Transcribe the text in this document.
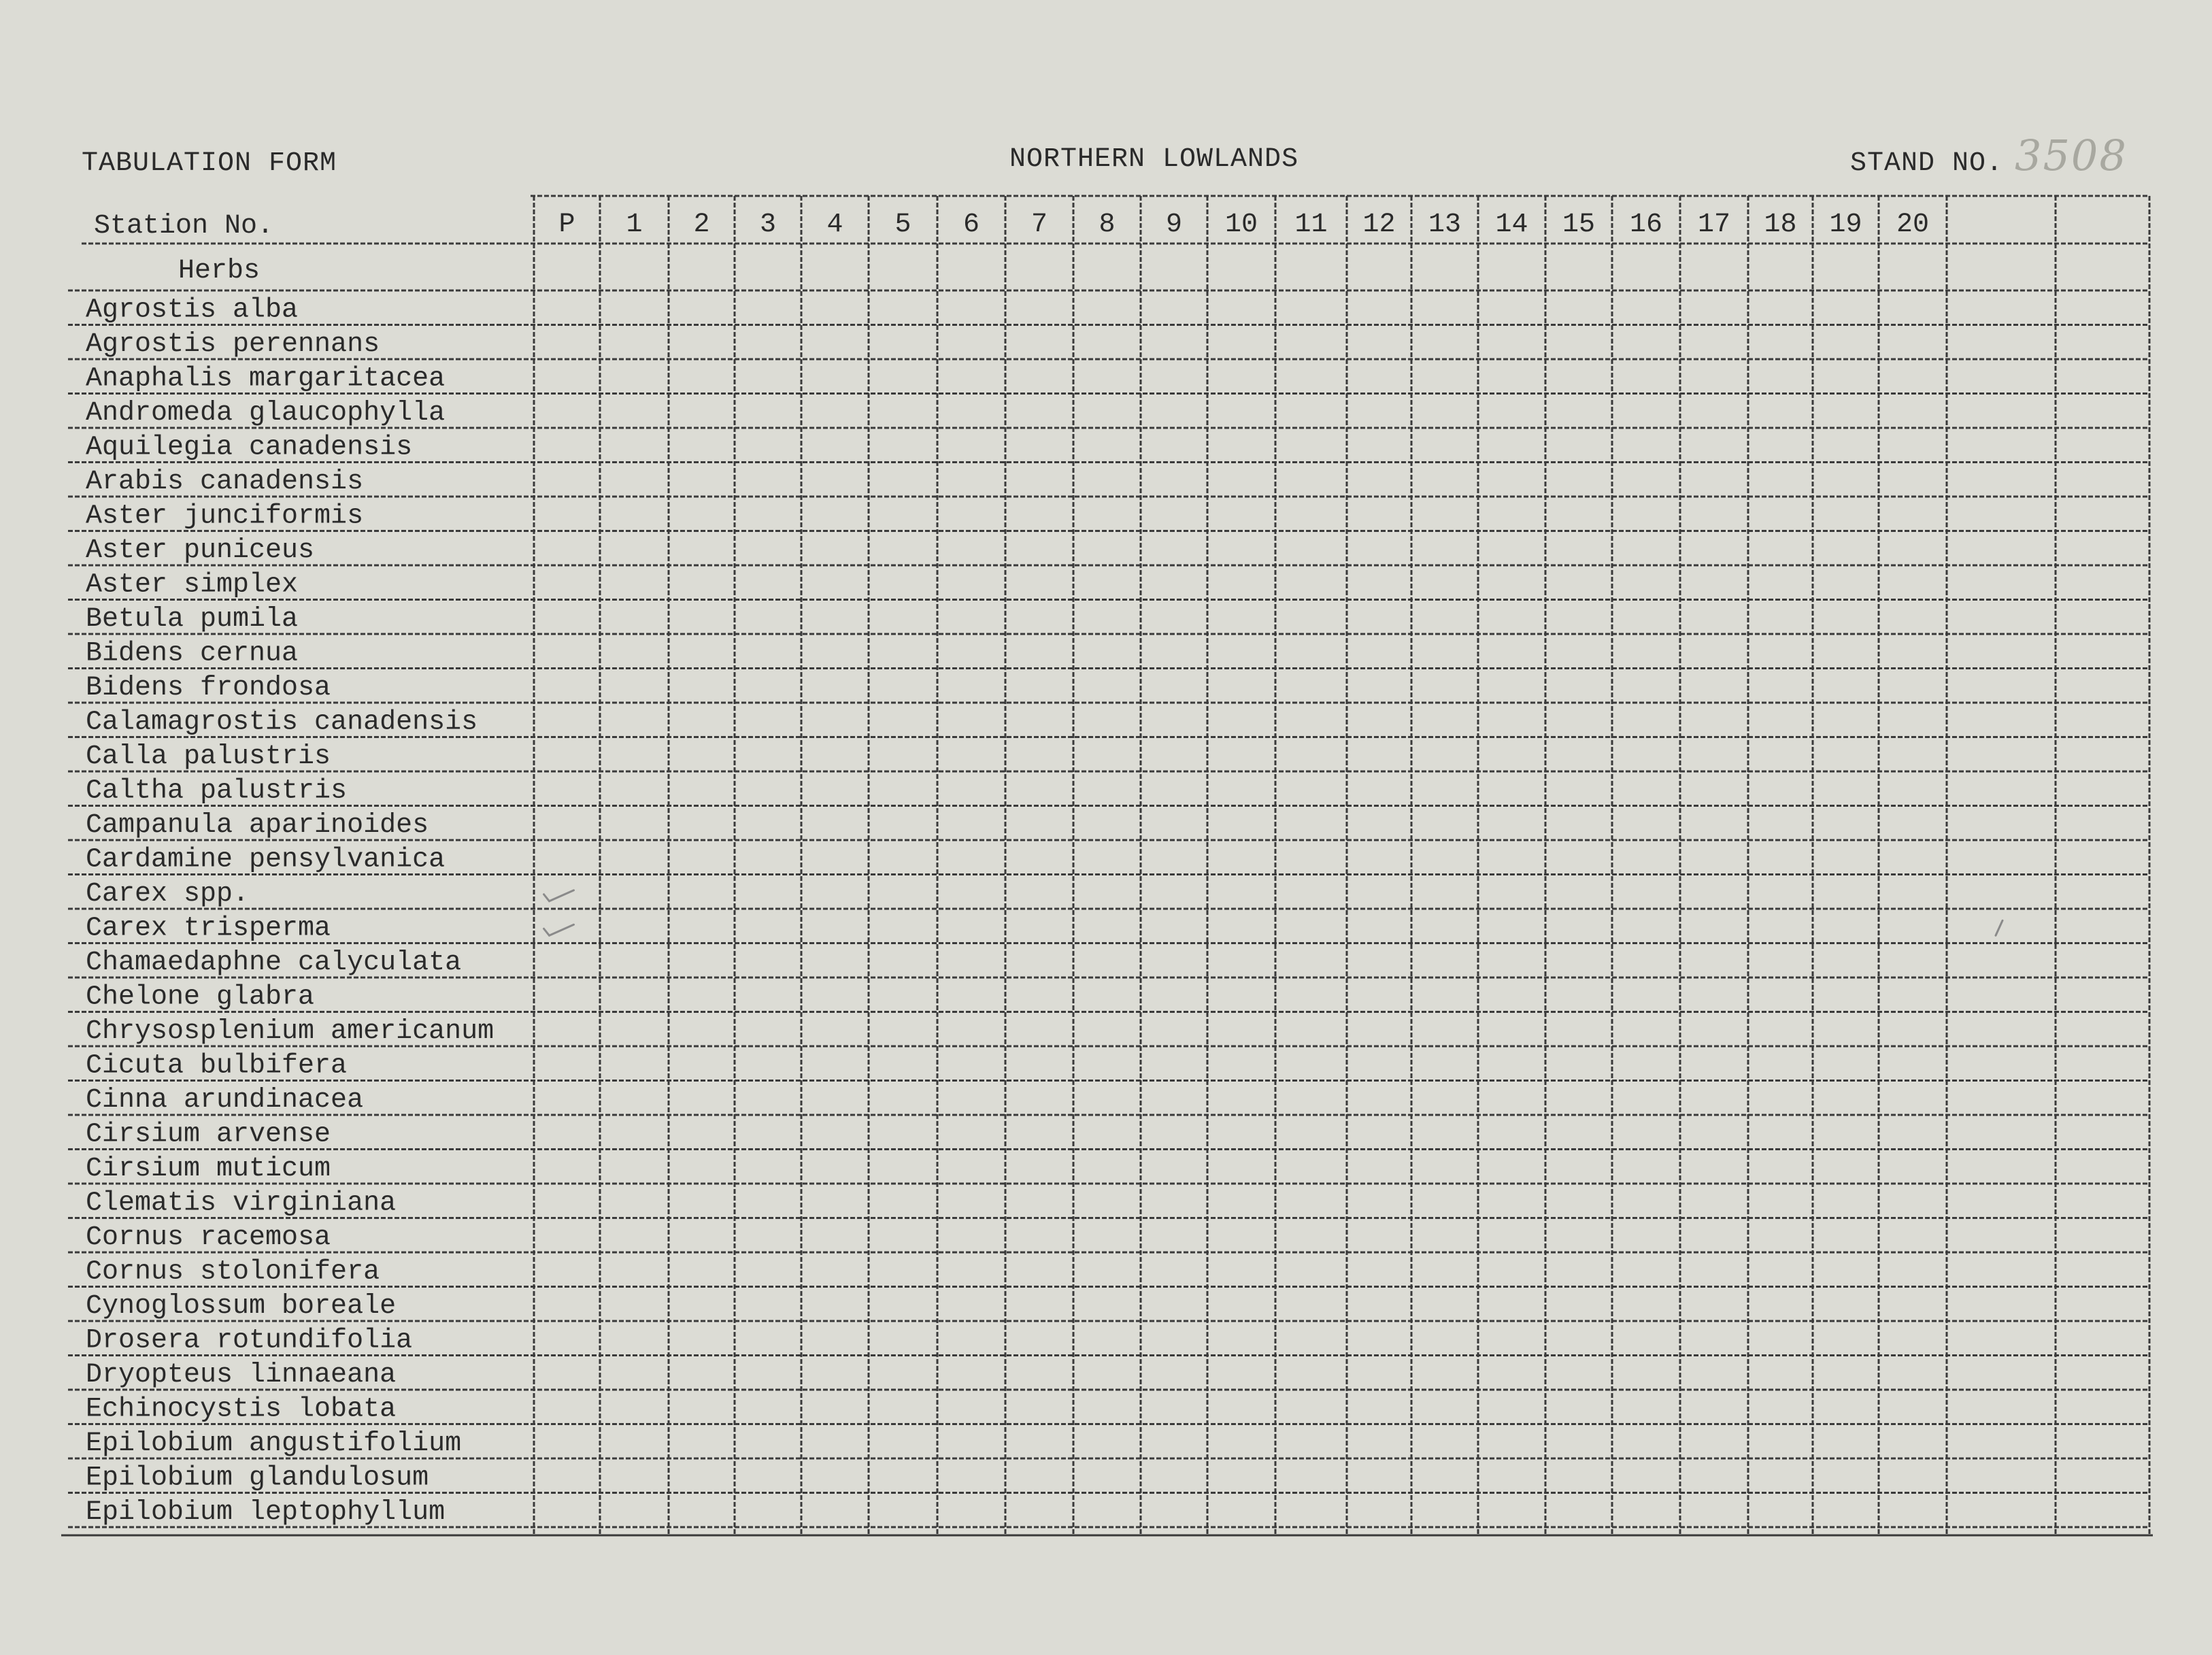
TABULATION FORM	NORTHERN LOWLANDS	STAND NO. 3508
Station No.
Herbs
P 1 2 3 4 5 6 7 8 9 10 11 12 13 14 15 16 17 18 19 20
Agrostis alba
Agrostis perennans
Anaphalis margaritacea
Andromeda glaucophylla
Aquilegia canadensis
Arabis canadensis
Aster junciformis
Aster puniceus
Aster simplex
Betula pumila
Bidens cernua
Bidens frondosa
Calamagrostis canadensis
Calla palustris
Caltha palustris
Campanula aparinoides
Cardamine pensylvanica
Carex spp.
Carex trisperma
Chamaedaphne calyculata
Chelone glabra
Chrysosplenium americanum
Cicuta bulbifera
Cinna arundinacea
Cirsium arvense
Cirsium muticum
Clematis virginiana
Cornus racemosa
Cornus stolonifera
Cynoglossum boreale
Drosera rotundifolia
Dryopteus linnaeana
Echinocystis lobata
Epilobium angustifolium
Epilobium glandulosum
Epilobium leptophyllum
